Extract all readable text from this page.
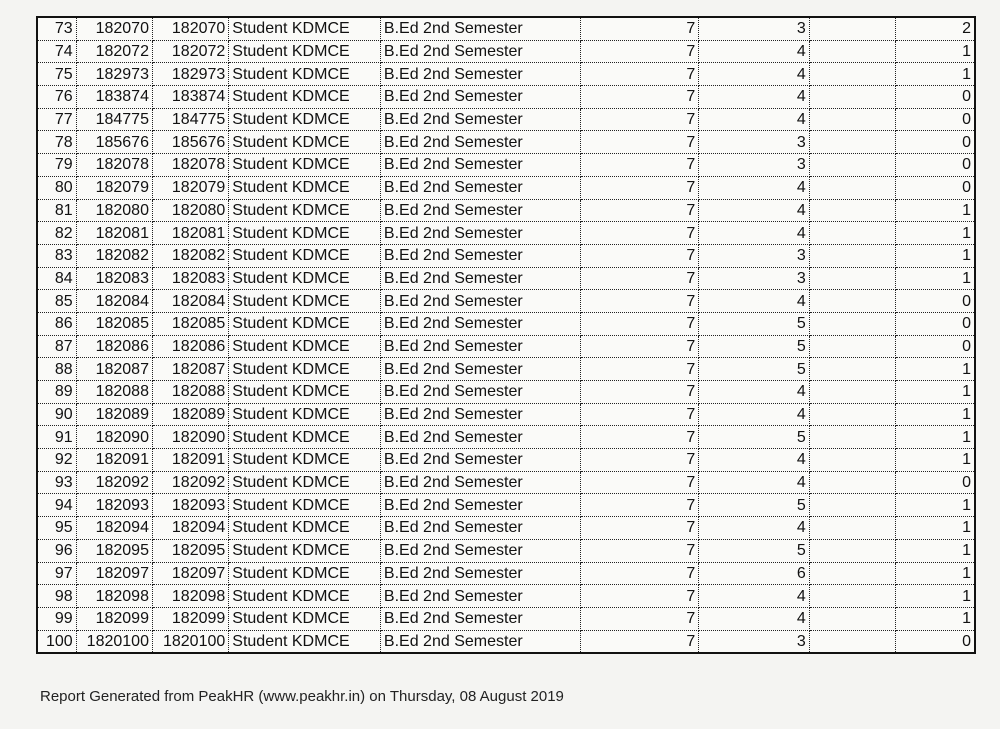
73	182070	182070	Student KDMCE	B.Ed 2nd Semester	7	3		2
74	182072	182072	Student KDMCE	B.Ed 2nd Semester	7	4		1
75	182973	182973	Student KDMCE	B.Ed 2nd Semester	7	4		1
76	183874	183874	Student KDMCE	B.Ed 2nd Semester	7	4		0
77	184775	184775	Student KDMCE	B.Ed 2nd Semester	7	4		0
78	185676	185676	Student KDMCE	B.Ed 2nd Semester	7	3		0
79	182078	182078	Student KDMCE	B.Ed 2nd Semester	7	3		0
80	182079	182079	Student KDMCE	B.Ed 2nd Semester	7	4		0
81	182080	182080	Student KDMCE	B.Ed 2nd Semester	7	4		1
82	182081	182081	Student KDMCE	B.Ed 2nd Semester	7	4		1
83	182082	182082	Student KDMCE	B.Ed 2nd Semester	7	3		1
84	182083	182083	Student KDMCE	B.Ed 2nd Semester	7	3		1
85	182084	182084	Student KDMCE	B.Ed 2nd Semester	7	4		0
86	182085	182085	Student KDMCE	B.Ed 2nd Semester	7	5		0
87	182086	182086	Student KDMCE	B.Ed 2nd Semester	7	5		0
88	182087	182087	Student KDMCE	B.Ed 2nd Semester	7	5		1
89	182088	182088	Student KDMCE	B.Ed 2nd Semester	7	4		1
90	182089	182089	Student KDMCE	B.Ed 2nd Semester	7	4		1
91	182090	182090	Student KDMCE	B.Ed 2nd Semester	7	5		1
92	182091	182091	Student KDMCE	B.Ed 2nd Semester	7	4		1
93	182092	182092	Student KDMCE	B.Ed 2nd Semester	7	4		0
94	182093	182093	Student KDMCE	B.Ed 2nd Semester	7	5		1
95	182094	182094	Student KDMCE	B.Ed 2nd Semester	7	4		1
96	182095	182095	Student KDMCE	B.Ed 2nd Semester	7	5		1
97	182097	182097	Student KDMCE	B.Ed 2nd Semester	7	6		1
98	182098	182098	Student KDMCE	B.Ed 2nd Semester	7	4		1
99	182099	182099	Student KDMCE	B.Ed 2nd Semester	7	4		1
100	1820100	1820100	Student KDMCE	B.Ed 2nd Semester	7	3		0
Report Generated from PeakHR (www.peakhr.in) on Thursday, 08 August 2019
